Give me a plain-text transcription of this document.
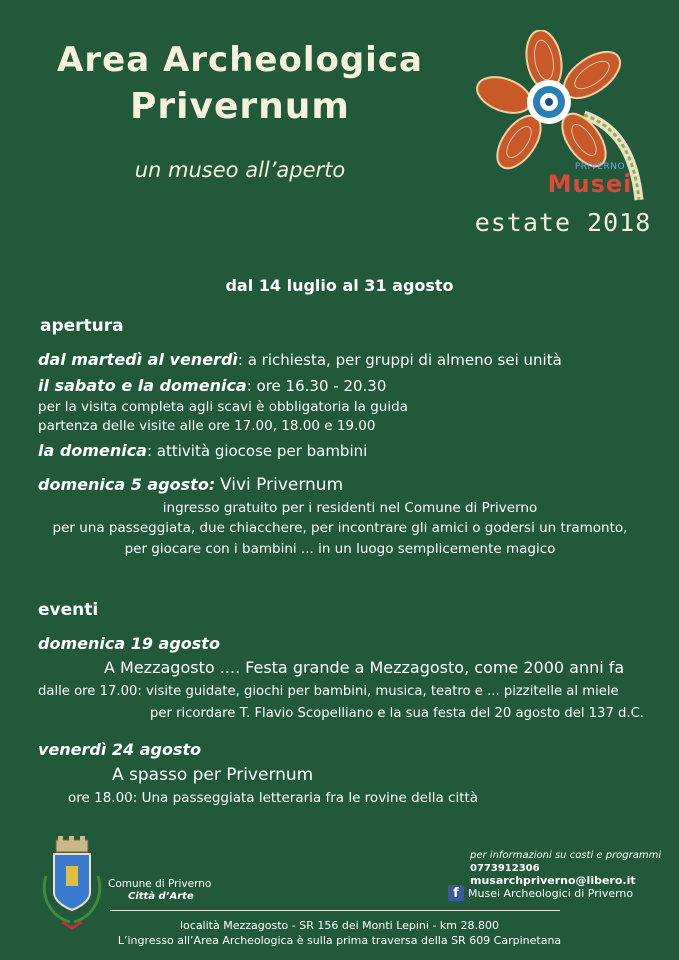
Area Archeologica
Privernum
un museo all’aperto	PRIVERNO
Musei
estate 2018
dal 14 luglio al 31 agosto
apertura
dal martedì al venerdì: a richiesta, per gruppi di almeno sei unità
il sabato e la domenica: ore 16.30 - 20.30
per la visita completa agli scavi è obbligatoria la guida
partenza delle visite alle ore 17.00, 18.00 e 19.00
la domenica: attività giocose per bambini
domenica 5 agosto: Vivi Privernum
ingresso gratuito per i residenti nel Comune di Priverno
per una passeggiata, due chiacchere, per incontrare gli amici o godersi un tramonto,
per giocare con i bambini ... in un luogo semplicemente magico
eventi
domenica 19 agosto
A Mezzagosto .... Festa grande a Mezzagosto, come 2000 anni fa
dalle ore 17.00: visite guidate, giochi per bambini, musica, teatro e ... pizzitelle al miele
per ricordare T. Flavio Scopelliano e la sua festa del 20 agosto del 137 d.C.
venerdì 24 agosto
A spasso per Privernum
ore 18.00: Una passeggiata letteraria fra le rovine della città
Comune di Priverno
Città d’Arte
per informazioni su costi e programmi
0773912306
musarchpriverno@libero.it
f Musei Archeologici di Priverno
località Mezzagosto - SR 156 dei Monti Lepini - km 28.800
L’ingresso all’Area Archeologica è sulla prima traversa della SR 609 Carpinetana
